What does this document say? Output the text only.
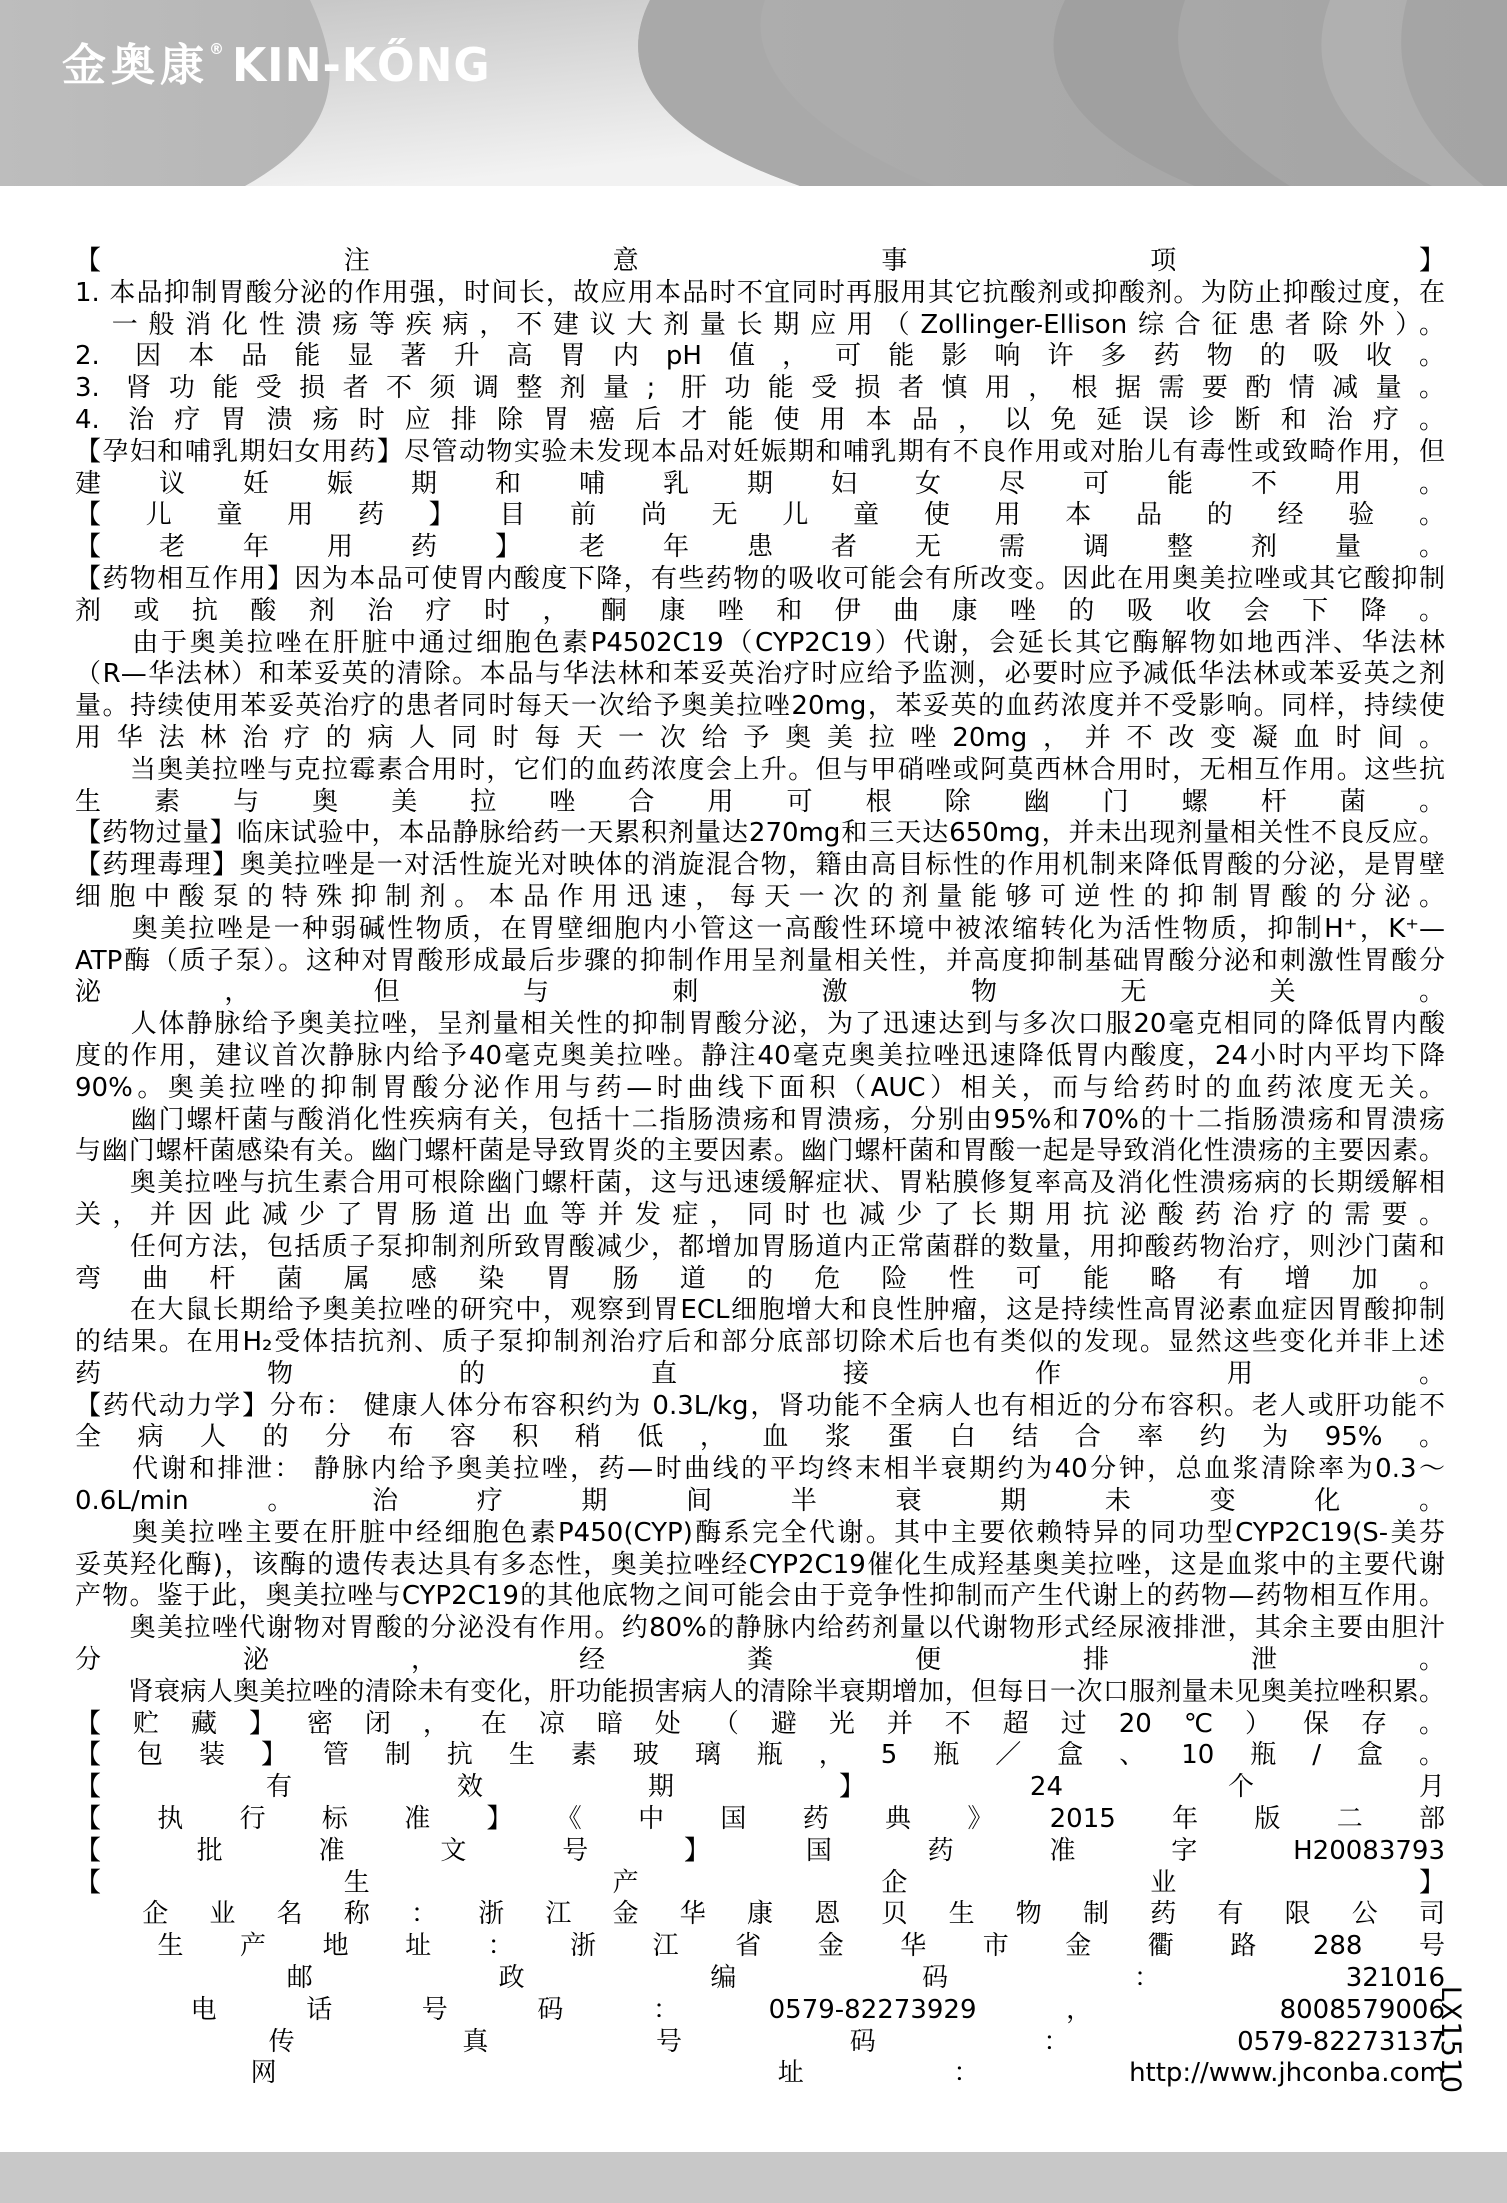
金奥康 ® KIN-KŐNG
【注意事项】
1. 本品抑制胃酸分泌的作用强，时间长，故应用本品时不宜同时再服用其它抗酸剂或抑酸剂。为防止抑酸过度，在
　一般消化性溃疡等疾病，不建议大剂量长期应用（Zollinger-Ellison综合征患者除外）。
2. 因本品能显著升高胃内pH值，可能影响许多药物的吸收。
3. 肾功能受损者不须调整剂量; 肝功能受损者慎用，根据需要酌情减量。
4. 治疗胃溃疡时应排除胃癌后才能使用本品，以免延误诊断和治疗。
【孕妇和哺乳期妇女用药】尽管动物实验未发现本品对妊娠期和哺乳期有不良作用或对胎儿有毒性或致畸作用，但
建议妊娠期和哺乳期妇女尽可能不用。
【儿童用药】目前尚无儿童使用本品的经验。
【老年用药】老年患者无需调整剂量。
【药物相互作用】因为本品可使胃内酸度下降，有些药物的吸收可能会有所改变。因此在用奥美拉唑或其它酸抑制
剂或抗酸剂治疗时，酮康唑和伊曲康唑的吸收会下降。
　　由于奥美拉唑在肝脏中通过细胞色素P4502C19（CYP2C19）代谢，会延长其它酶解物如地西泮、华法林
（R—华法林）和苯妥英的清除。本品与华法林和苯妥英治疗时应给予监测，必要时应予减低华法林或苯妥英之剂
量。持续使用苯妥英治疗的患者同时每天一次给予奥美拉唑20mg，苯妥英的血药浓度并不受影响。同样，持续使
用华法林治疗的病人同时每天一次给予奥美拉唑20mg，并不改变凝血时间。
　　当奥美拉唑与克拉霉素合用时，它们的血药浓度会上升。但与甲硝唑或阿莫西林合用时，无相互作用。这些抗
生素与奥美拉唑合用可根除幽门螺杆菌。
【药物过量】临床试验中，本品静脉给药一天累积剂量达270mg和三天达650mg，并未出现剂量相关性不良反应。
【药理毒理】奥美拉唑是一对活性旋光对映体的消旋混合物，籍由高目标性的作用机制来降低胃酸的分泌，是胃壁
细胞中酸泵的特殊抑制剂。本品作用迅速，每天一次的剂量能够可逆性的抑制胃酸的分泌。
　　奥美拉唑是一种弱碱性物质，在胃壁细胞内小管这一高酸性环境中被浓缩转化为活性物质，抑制H⁺，K⁺—
ATP酶（质子泵）。这种对胃酸形成最后步骤的抑制作用呈剂量相关性，并高度抑制基础胃酸分泌和刺激性胃酸分
泌，但与刺激物无关。
　　人体静脉给予奥美拉唑，呈剂量相关性的抑制胃酸分泌，为了迅速达到与多次口服20毫克相同的降低胃内酸
度的作用，建议首次静脉内给予40毫克奥美拉唑。静注40毫克奥美拉唑迅速降低胃内酸度，24小时内平均下降
90%。奥美拉唑的抑制胃酸分泌作用与药—时曲线下面积（AUC）相关，而与给药时的血药浓度无关。
　　幽门螺杆菌与酸消化性疾病有关，包括十二指肠溃疡和胃溃疡，分别由95%和70%的十二指肠溃疡和胃溃疡
与幽门螺杆菌感染有关。幽门螺杆菌是导致胃炎的主要因素。幽门螺杆菌和胃酸一起是导致消化性溃疡的主要因素。
　　奥美拉唑与抗生素合用可根除幽门螺杆菌，这与迅速缓解症状、胃粘膜修复率高及消化性溃疡病的长期缓解相
关，并因此减少了胃肠道出血等并发症，同时也减少了长期用抗泌酸药治疗的需要。
　　任何方法，包括质子泵抑制剂所致胃酸减少，都增加胃肠道内正常菌群的数量，用抑酸药物治疗，则沙门菌和
弯曲杆菌属感染胃肠道的危险性可能略有增加。
　　在大鼠长期给予奥美拉唑的研究中，观察到胃ECL细胞增大和良性肿瘤，这是持续性高胃泌素血症因胃酸抑制
的结果。在用H₂受体拮抗剂、质子泵抑制剂治疗后和部分底部切除术后也有类似的发现。显然这些变化并非上述
药物的直接作用。
【药代动力学】分布： 健康人体分布容积约为 0.3L/kg，肾功能不全病人也有相近的分布容积。老人或肝功能不
全病人的分布容积稍低，血浆蛋白结合率约为95%。
　　代谢和排泄： 静脉内给予奥美拉唑，药—时曲线的平均终末相半衰期约为40分钟，总血浆清除率为0.3～
0.6L/min。治疗期间半衰期未变化。
　　奥美拉唑主要在肝脏中经细胞色素P450(CYP)酶系完全代谢。其中主要依赖特异的同功型CYP2C19(S-美芬
妥英羟化酶)，该酶的遗传表达具有多态性，奥美拉唑经CYP2C19催化生成羟基奥美拉唑，这是血浆中的主要代谢
产物。鉴于此，奥美拉唑与CYP2C19的其他底物之间可能会由于竞争性抑制而产生代谢上的药物—药物相互作用。
　　奥美拉唑代谢物对胃酸的分泌没有作用。约80%的静脉内给药剂量以代谢物形式经尿液排泄，其余主要由胆汁
分泌，经粪便排泄。
　　肾衰病人奥美拉唑的清除未有变化，肝功能损害病人的清除半衰期增加，但每日一次口服剂量未见奥美拉唑积累。
【贮藏】密闭，在凉暗处（避光并不超过20℃）保存。
【包装】管制抗生素玻璃瓶，5瓶／盒、10瓶/盒。
【有效期】24个月
【执行标准】《中国药典》2015年版二部
【批准文号】国药准字H20083793
【生产企业】
　企业名称：浙江金华康恩贝生物制药有限公司
　生产地址：浙江省金华市金衢路288号
　邮政编码：321016
　电话号码：0579-82273929， 8008579006
　传真号码：0579-82273137
　网　　址：http://www.jhconba.com
LX1510
